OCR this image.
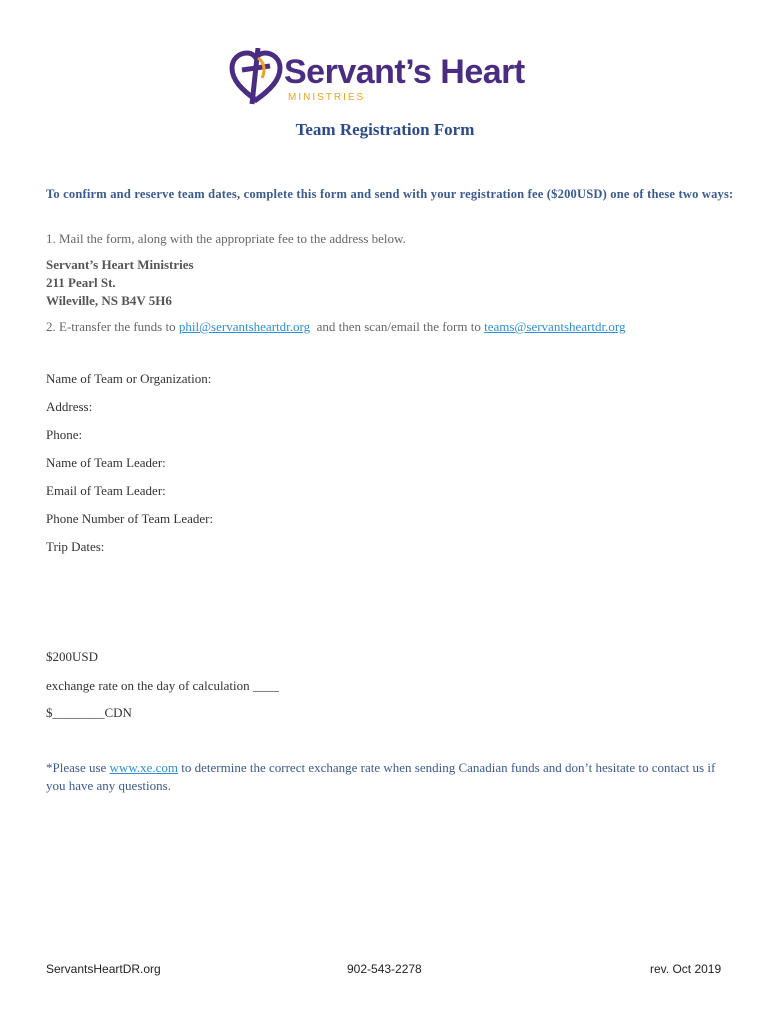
Servant’s Heart
MINISTRIES
Team Registration Form
To confirm and reserve team dates, complete this form and send with your registration fee ($200USD) one of these two ways:
1. Mail the form, along with the appropriate fee to the address below.
Servant’s Heart Ministries
211 Pearl St.
Wileville, NS B4V 5H6
2. E-transfer the funds to phil@servantsheartdr.org  and then scan/email the form to teams@servantsheartdr.org
Name of Team or Organization:
Address:
Phone:
Name of Team Leader:
Email of Team Leader:
Phone Number of Team Leader:
Trip Dates:
$200USD
exchange rate on the day of calculation ____
$________CDN
*Please use www.xe.com to determine the correct exchange rate when sending Canadian funds and don’t hesitate to contact us if you have any questions.
ServantsHeartDR.org	902-543-2278	rev. Oct 2019
